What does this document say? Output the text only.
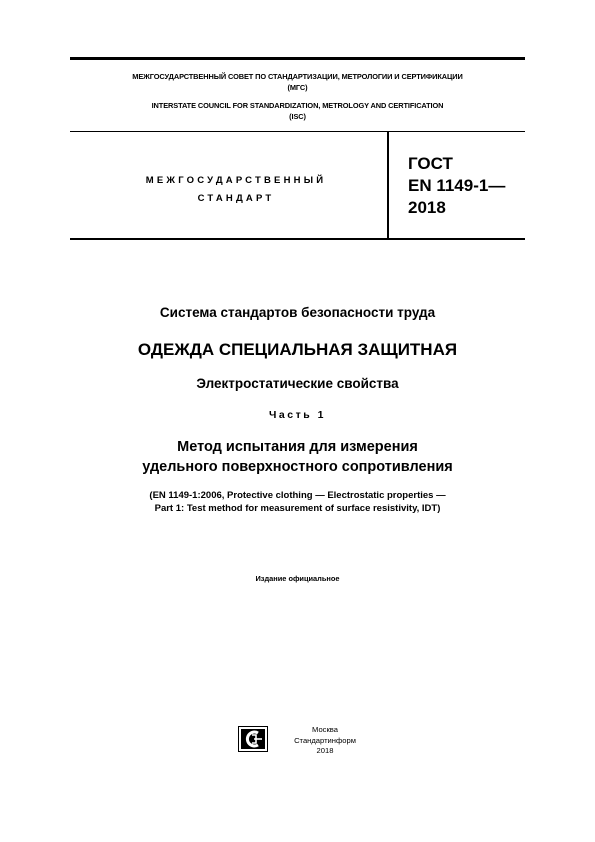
МЕЖГОСУДАРСТВЕННЫЙ СОВЕТ ПО СТАНДАРТИЗАЦИИ, МЕТРОЛОГИИ И СЕРТИФИКАЦИИ
(МГС)
INTERSTATE COUNCIL FOR STANDARDIZATION, METROLOGY AND CERTIFICATION
(ISC)
МЕЖГОСУДАРСТВЕННЫЙ
СТАНДАРТ
ГОСТ
EN 1149-1—
2018
Система стандартов безопасности труда
ОДЕЖДА СПЕЦИАЛЬНАЯ ЗАЩИТНАЯ
Электростатические свойства
Часть 1
Метод испытания для измерения
удельного поверхностного сопротивления
(EN 1149-1:2006, Protective clothing — Electrostatic properties —
Part 1: Test method for measurement of surface resistivity, IDT)
Издание официальное
Москва
Стандартинформ
2018
